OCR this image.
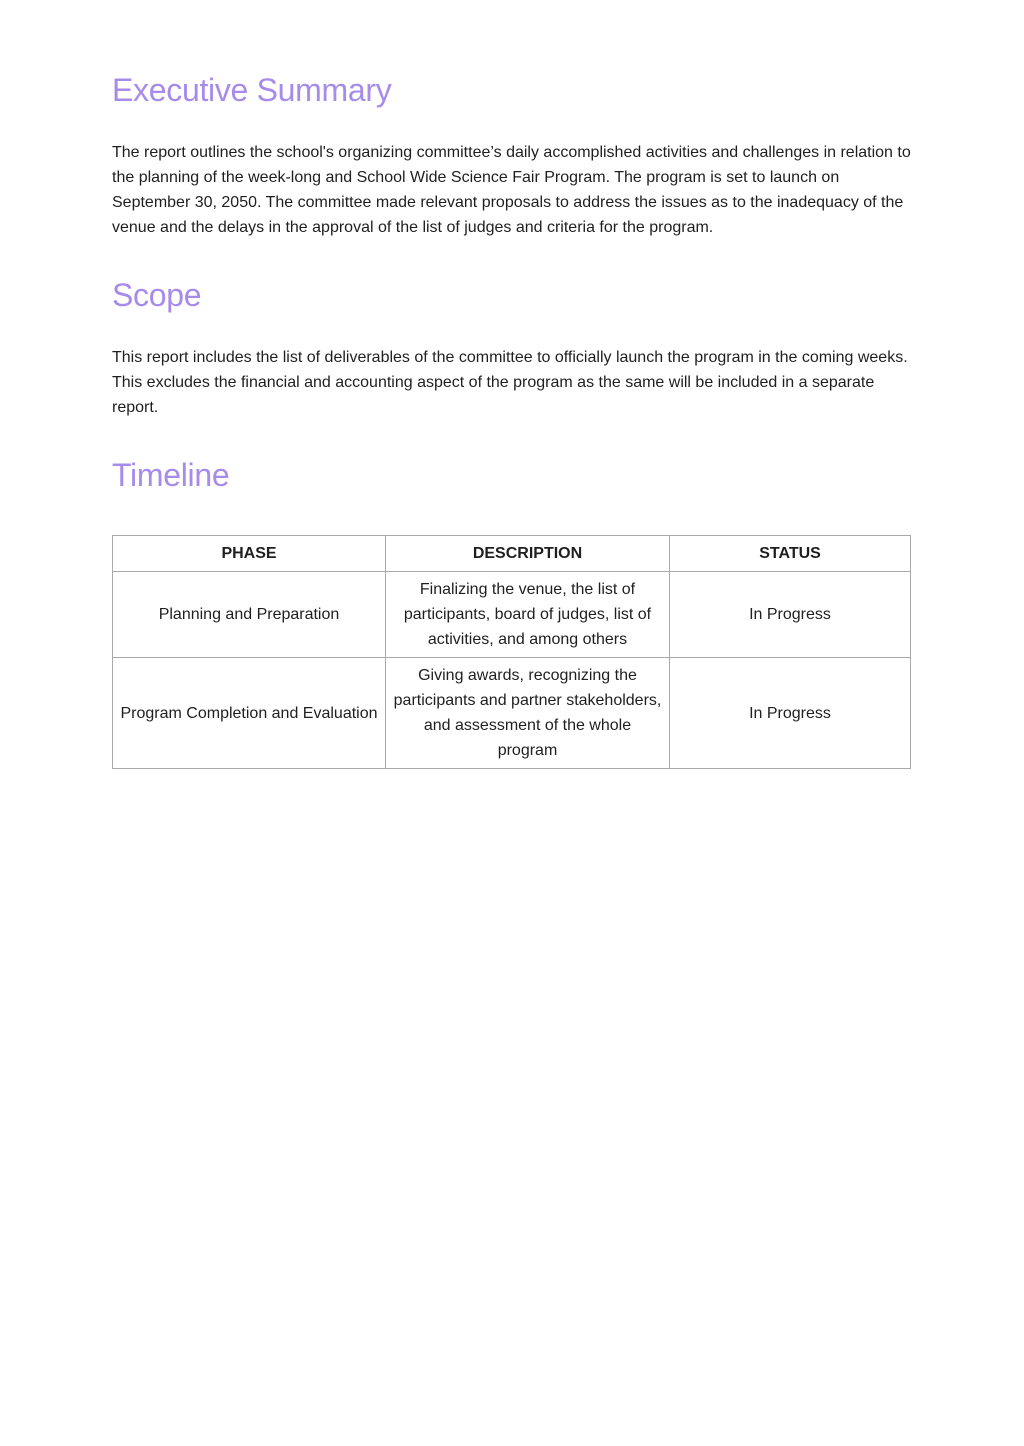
Executive Summary

The report outlines the school's organizing committee’s daily accomplished activities and challenges in relation to the planning of the week-long and School Wide Science Fair Program. The program is set to launch on September 30, 2050. The committee made relevant proposals to address the issues as to the inadequacy of the venue and the delays in the approval of the list of judges and criteria for the program.

Scope

This report includes the list of deliverables of the committee to officially launch the program in the coming weeks. This excludes the financial and accounting aspect of the program as the same will be included in a separate report.

Timeline
PHASE	DESCRIPTION	STATUS
Planning and Preparation	Finalizing the venue, the list of participants, board of judges, list of activities, and among others	In Progress
Program Completion and Evaluation	Giving awards, recognizing the participants and partner stakeholders, and assessment of the whole program	In Progress
